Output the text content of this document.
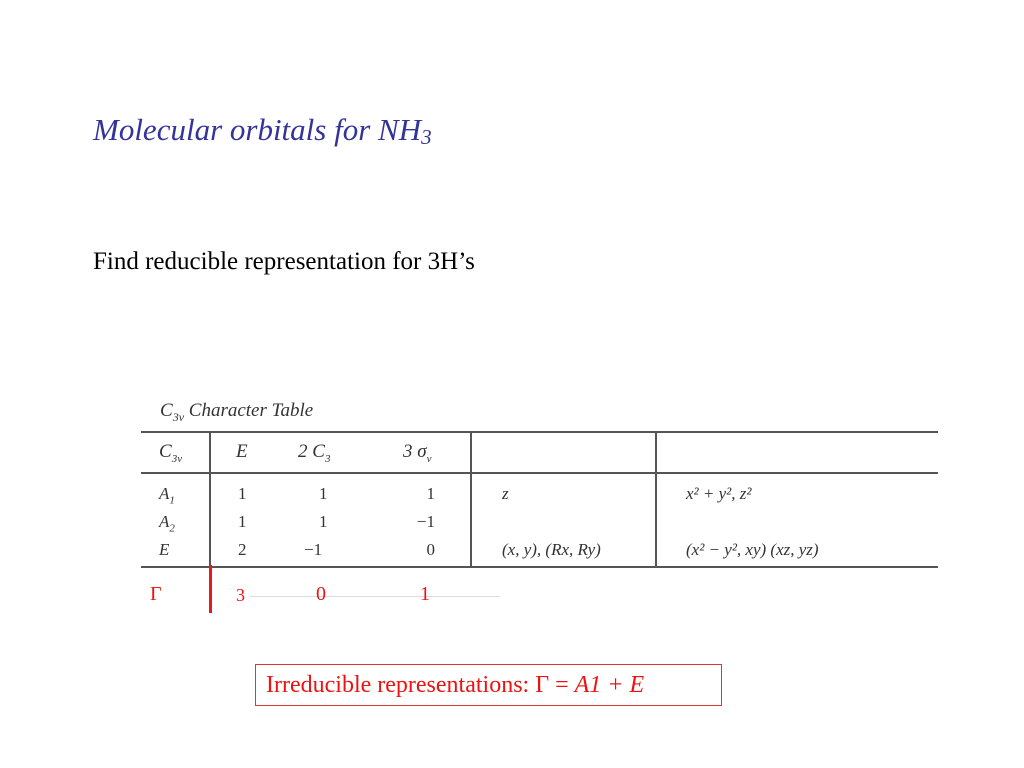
Molecular orbitals for $NH_3$
Find reducible representation for 3H’s
$C_{3v}$ Character Table
$C_{3v}$	E	2 $C_3$	3 $\sigma_v$
$A_1$	1	1	1	z	x² + y², z²
$A_2$	1	1	−1
E	2	−1	0	(x, y), (Rx, Ry)	(x² − y², xy) (xz, yz)
Γ	3	0	1
Irreducible representations: Γ = A1 + E
